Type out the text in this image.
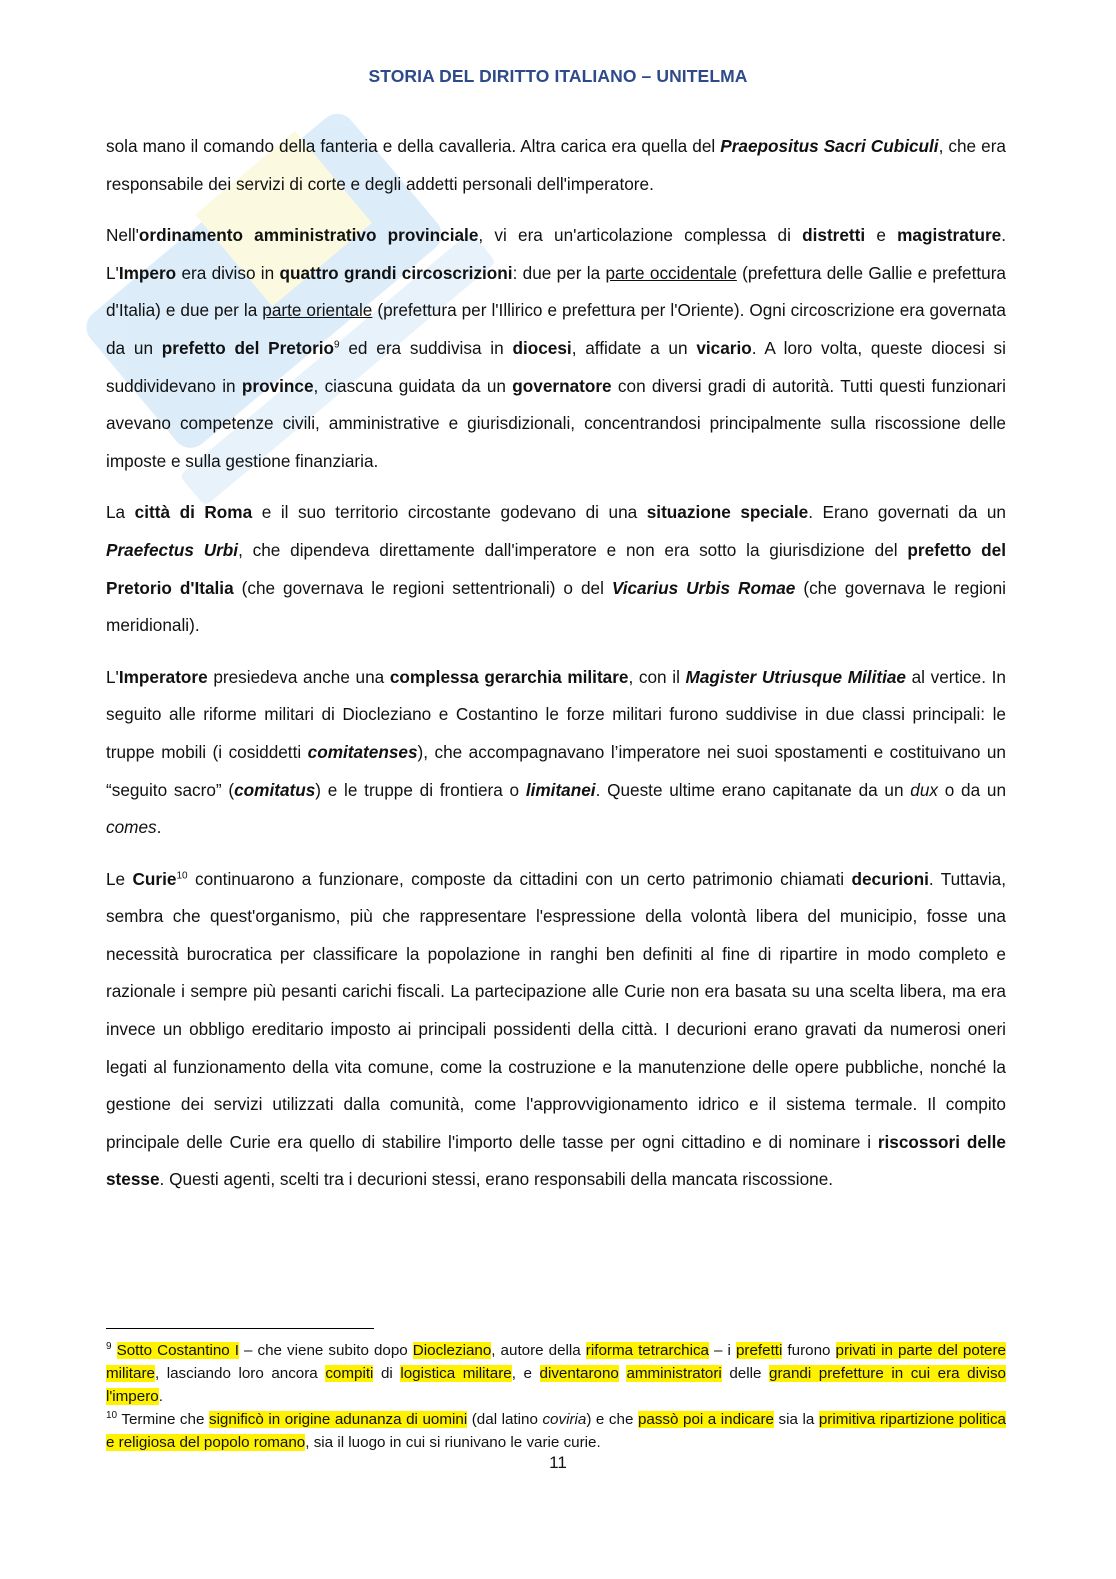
STORIA DEL DIRITTO ITALIANO – UNITELMA

sola mano il comando della fanteria e della cavalleria. Altra carica era quella del Praepositus Sacri Cubiculi, che era responsabile dei servizi di corte e degli addetti personali dell'imperatore.

Nell'ordinamento amministrativo provinciale, vi era un'articolazione complessa di distretti e magistrature. L'Impero era diviso in quattro grandi circoscrizioni: due per la parte occidentale (prefettura delle Gallie e prefettura d'Italia) e due per la parte orientale (prefettura per l'Illirico e prefettura per l'Oriente). Ogni circoscrizione era governata da un prefetto del Pretorio$^9$ ed era suddivisa in diocesi, affidate a un vicario. A loro volta, queste diocesi si suddividevano in province, ciascuna guidata da un governatore con diversi gradi di autorità. Tutti questi funzionari avevano competenze civili, amministrative e giurisdizionali, concentrandosi principalmente sulla riscossione delle imposte e sulla gestione finanziaria.

La città di Roma e il suo territorio circostante godevano di una situazione speciale. Erano governati da un Praefectus Urbi, che dipendeva direttamente dall'imperatore e non era sotto la giurisdizione del prefetto del Pretorio d'Italia (che governava le regioni settentrionali) o del Vicarius Urbis Romae (che governava le regioni meridionali).

L'Imperatore presiedeva anche una complessa gerarchia militare, con il Magister Utriusque Militiae al vertice. In seguito alle riforme militari di Diocleziano e Costantino le forze militari furono suddivise in due classi principali: le truppe mobili (i cosiddetti comitatenses), che accompagnavano l’imperatore nei suoi spostamenti e costituivano un “seguito sacro” (comitatus) e le truppe di frontiera o limitanei. Queste ultime erano capitanate da un dux o da un comes.

Le Curie$^{10}$ continuarono a funzionare, composte da cittadini con un certo patrimonio chiamati decurioni. Tuttavia, sembra che quest'organismo, più che rappresentare l'espressione della volontà libera del municipio, fosse una necessità burocratica per classificare la popolazione in ranghi ben definiti al fine di ripartire in modo completo e razionale i sempre più pesanti carichi fiscali. La partecipazione alle Curie non era basata su una scelta libera, ma era invece un obbligo ereditario imposto ai principali possidenti della città. I decurioni erano gravati da numerosi oneri legati al funzionamento della vita comune, come la costruzione e la manutenzione delle opere pubbliche, nonché la gestione dei servizi utilizzati dalla comunità, come l'approvvigionamento idrico e il sistema termale. Il compito principale delle Curie era quello di stabilire l'importo delle tasse per ogni cittadino e di nominare i riscossori delle stesse. Questi agenti, scelti tra i decurioni stessi, erano responsabili della mancata riscossione.

$^9$ Sotto Costantino I – che viene subito dopo Diocleziano, autore della riforma tetrarchica – i prefetti furono privati in parte del potere militare, lasciando loro ancora compiti di logistica militare, e diventarono amministratori delle grandi prefetture in cui era diviso l'impero.

$^{10}$ Termine che significò in origine adunanza di uomini (dal latino coviria) e che passò poi a indicare sia la primitiva ripartizione politica e religiosa del popolo romano, sia il luogo in cui si riunivano le varie curie.

11
